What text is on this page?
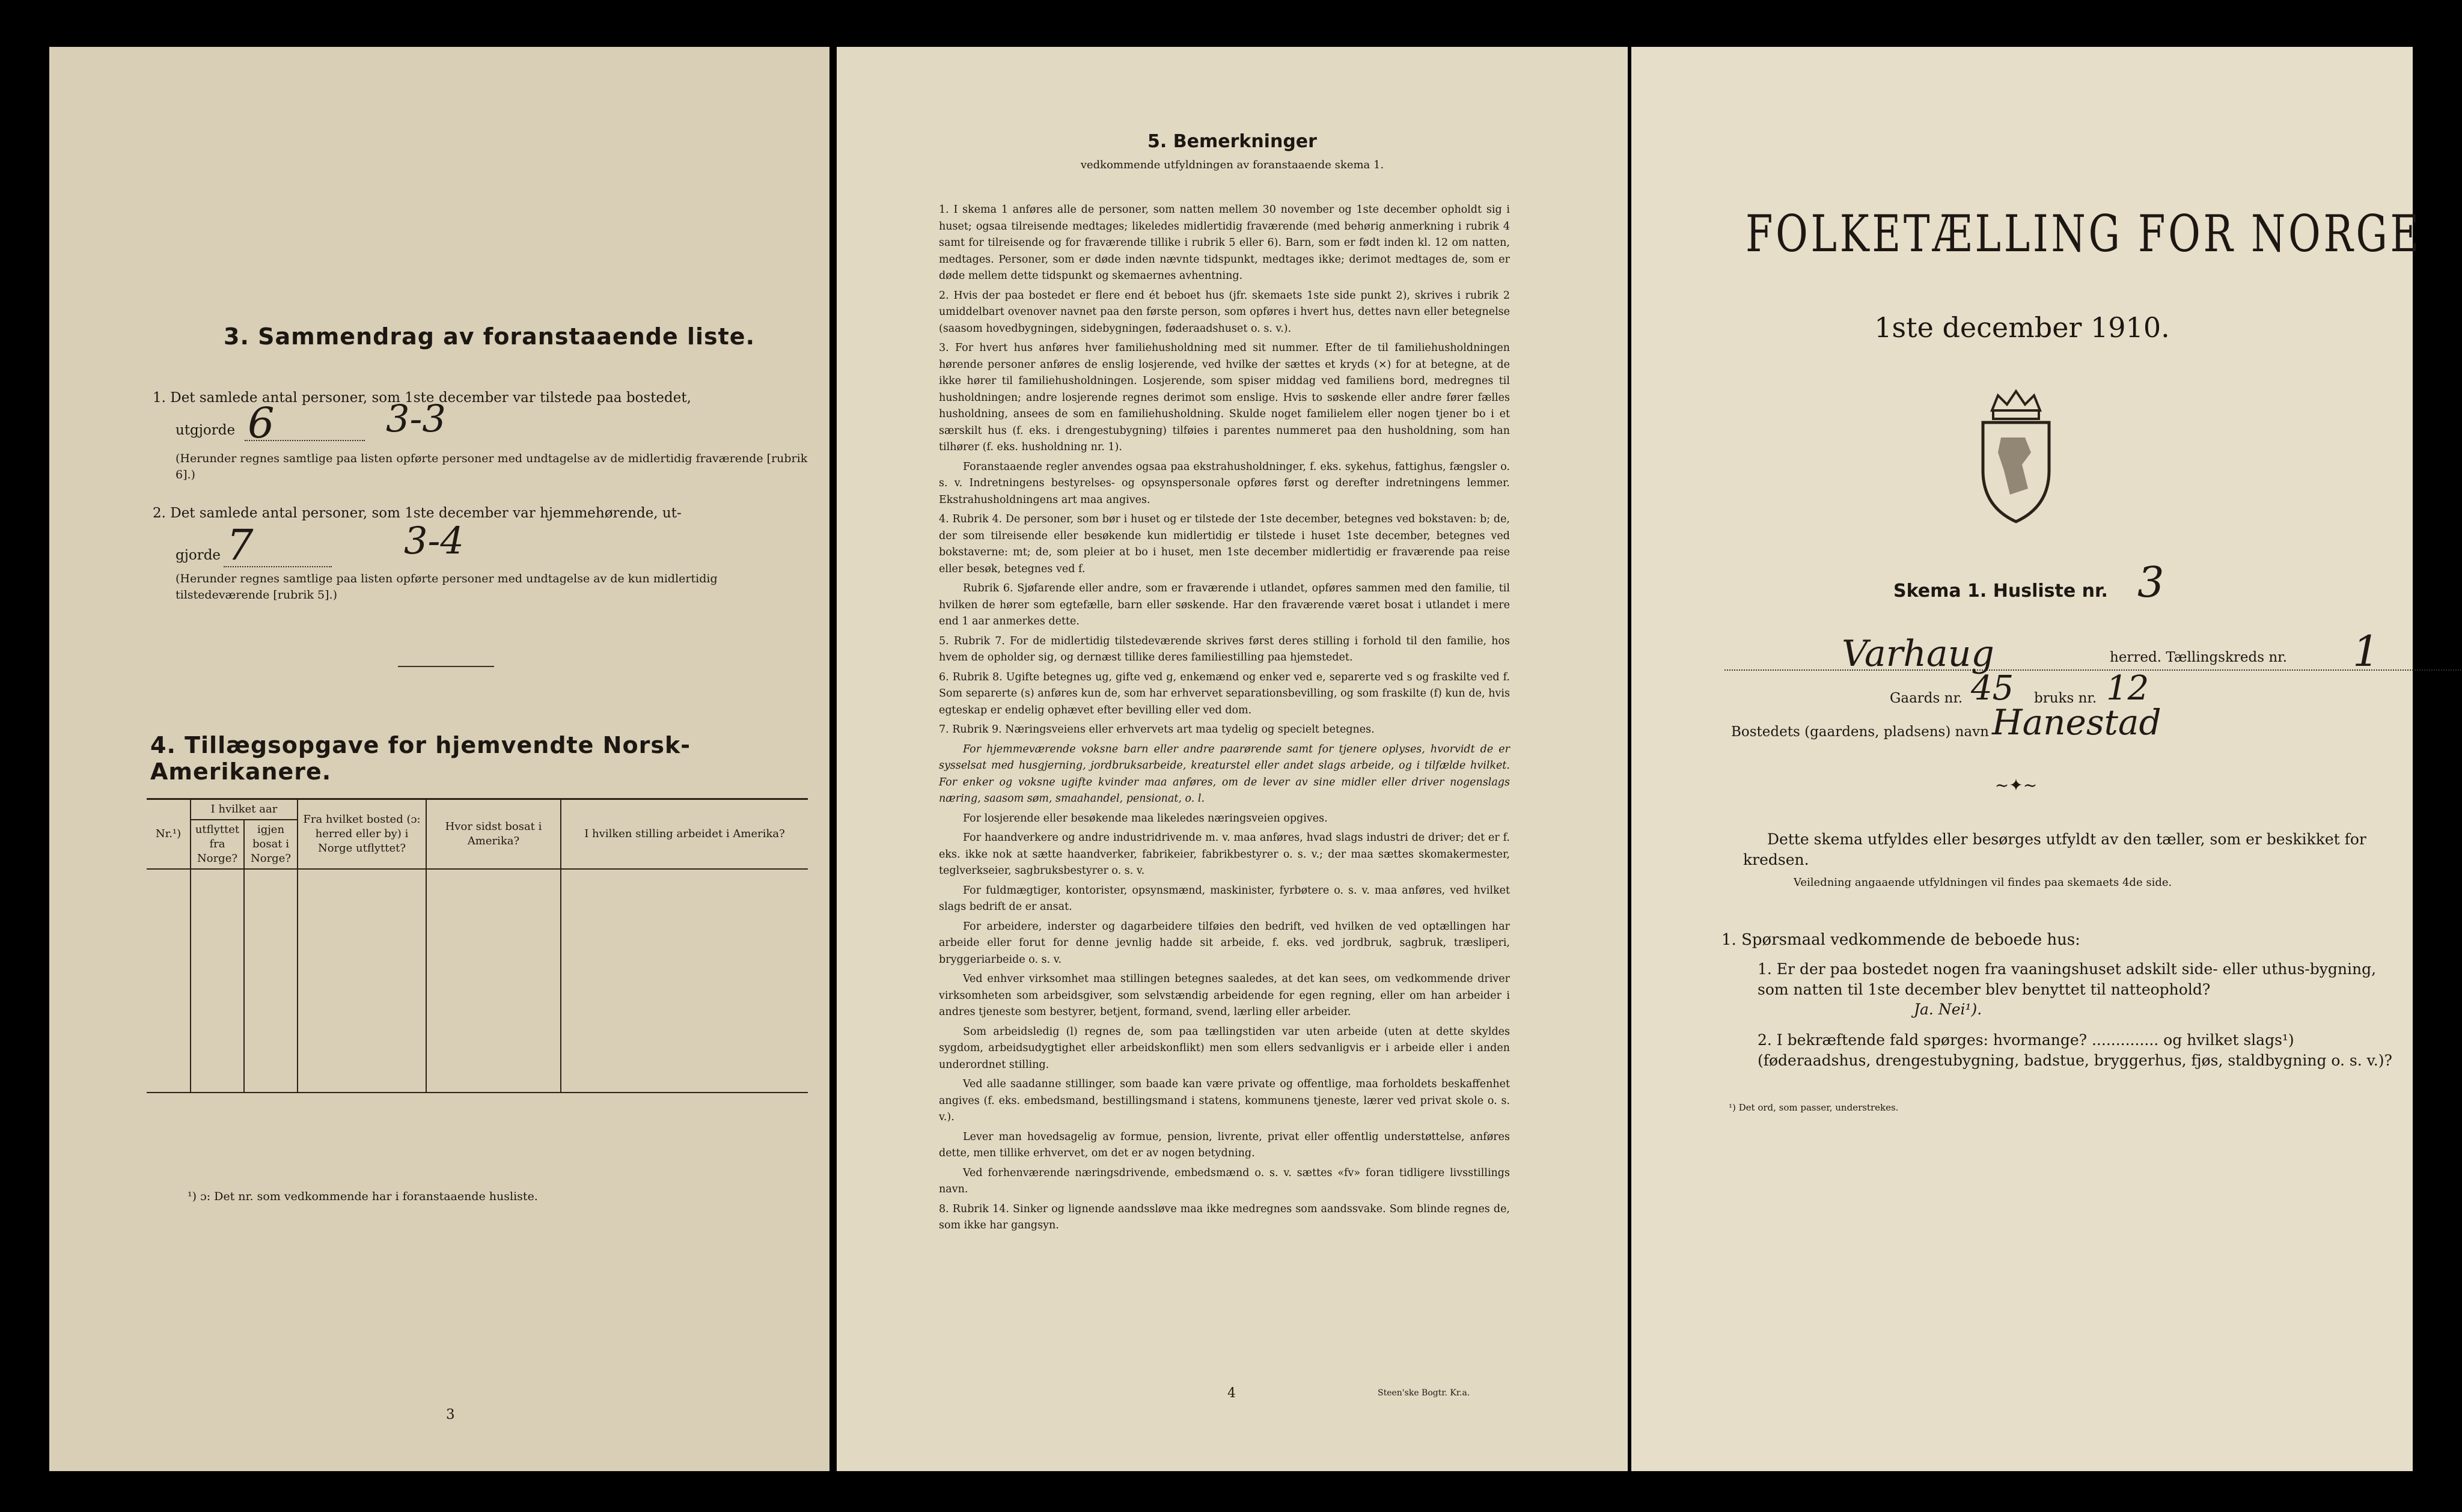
3. Sammendrag av foranstaaende liste.
1. Det samlede antal personer, som 1ste december var tilstede paa bostedet,
utgjorde 6	3-3
(Herunder regnes samtlige paa listen opførte personer med undtagelse av de midlertidig fraværende [rubrik 6].)
2. Det samlede antal personer, som 1ste december var hjemmehørende, ut-
gjorde 7	3-4
(Herunder regnes samtlige paa listen opførte personer med undtagelse av de kun midlertidig tilstedeværende [rubrik 5].)
4. Tillægsopgave for hjemvendte Norsk-Amerikanere.
Nr.¹)	I hvilket aar		Fra hvilket bosted (ɔ: herred eller by) i Norge utflyttet?	Hvor sidst bosat i Amerika?	I hvilken stilling arbeidet i Amerika?
	utflyttet fra Norge?	igjen bosat i Norge?			

¹) ɔ: Det nr. som vedkommende har i foranstaaende husliste.
3
5. Bemerkninger
vedkommende utfyldningen av foranstaaende skema 1.

1. I skema 1 anføres alle de personer, som natten mellem 30 november og 1ste december opholdt sig i huset; ogsaa tilreisende medtages; likeledes midlertidig fraværende (med behørig anmerkning i rubrik 4 samt for tilreisende og for fraværende tillike i rubrik 5 eller 6). Barn, som er født inden kl. 12 om natten, medtages. Personer, som er døde inden nævnte tidspunkt, medtages ikke; derimot medtages de, som er døde mellem dette tidspunkt og skemaernes avhentning.

2. Hvis der paa bostedet er flere end ét beboet hus (jfr. skemaets 1ste side punkt 2), skrives i rubrik 2 umiddelbart ovenover navnet paa den første person, som opføres i hvert hus, dettes navn eller betegnelse (saasom hovedbygningen, sidebygningen, føderaadshuset o. s. v.).

3. For hvert hus anføres hver familiehusholdning med sit nummer. Efter de til familiehusholdningen hørende personer anføres de enslig losjerende, ved hvilke der sættes et kryds (×) for at betegne, at de ikke hører til familiehusholdningen. Losjerende, som spiser middag ved familiens bord, medregnes til husholdningen; andre losjerende regnes derimot som enslige. Hvis to søskende eller andre fører fælles husholdning, ansees de som en familiehusholdning. Skulde noget familielem eller nogen tjener bo i et særskilt hus (f. eks. i drengestubygning) tilføies i parentes nummeret paa den husholdning, som han tilhører (f. eks. husholdning nr. 1).

Foranstaaende regler anvendes ogsaa paa ekstrahusholdninger, f. eks. sykehus, fattighus, fængsler o. s. v. Indretningens bestyrelses- og opsynspersonale opføres først og derefter indretningens lemmer. Ekstrahusholdningens art maa angives.

4. Rubrik 4. De personer, som bør i huset og er tilstede der 1ste december, betegnes ved bokstaven: b; de, der som tilreisende eller besøkende kun midlertidig er tilstede i huset 1ste december, betegnes ved bokstaverne: mt; de, som pleier at bo i huset, men 1ste december midlertidig er fraværende paa reise eller besøk, betegnes ved f.

Rubrik 6. Sjøfarende eller andre, som er fraværende i utlandet, opføres sammen med den familie, til hvilken de hører som egtefælle, barn eller søskende. Har den fraværende været bosat i utlandet i mere end 1 aar anmerkes dette.

5. Rubrik 7. For de midlertidig tilstedeværende skrives først deres stilling i forhold til den familie, hos hvem de opholder sig, og dernæst tillike deres familiestilling paa hjemstedet.

6. Rubrik 8. Ugifte betegnes ug, gifte ved g, enkemænd og enker ved e, separerte ved s og fraskilte ved f. Som separerte (s) anføres kun de, som har erhvervet separationsbevilling, og som fraskilte (f) kun de, hvis egteskap er endelig ophævet efter bevilling eller ved dom.

7. Rubrik 9. Næringsveiens eller erhvervets art maa tydelig og specielt betegnes.

For hjemmeværende voksne barn eller andre paarørende samt for tjenere oplyses, hvorvidt de er sysselsat med husgjerning, jordbruksarbeide, kreaturstel eller andet slags arbeide, og i tilfælde hvilket. For enker og voksne ugifte kvinder maa anføres, om de lever av sine midler eller driver nogenslags næring, saasom søm, smaahandel, pensionat, o. l.

For losjerende eller besøkende maa likeledes næringsveien opgives.

For haandverkere og andre industridrivende m. v. maa anføres, hvad slags industri de driver; det er f. eks. ikke nok at sætte haandverker, fabrikeier, fabrikbestyrer o. s. v.; der maa sættes skomakermester, teglverkseier, sagbruksbestyrer o. s. v.

For fuldmægtiger, kontorister, opsynsmænd, maskinister, fyrbøtere o. s. v. maa anføres, ved hvilket slags bedrift de er ansat.

For arbeidere, inderster og dagarbeidere tilføies den bedrift, ved hvilken de ved optællingen har arbeide eller forut for denne jevnlig hadde sit arbeide, f. eks. ved jordbruk, sagbruk, træsliperi, bryggeriarbeide o. s. v.

Ved enhver virksomhet maa stillingen betegnes saaledes, at det kan sees, om vedkommende driver virksomheten som arbeidsgiver, som selvstændig arbeidende for egen regning, eller om han arbeider i andres tjeneste som bestyrer, betjent, formand, svend, lærling eller arbeider.

Som arbeidsledig (l) regnes de, som paa tællingstiden var uten arbeide (uten at dette skyldes sygdom, arbeidsudygtighet eller arbeidskonflikt) men som ellers sedvanligvis er i arbeide eller i anden underordnet stilling.

Ved alle saadanne stillinger, som baade kan være private og offentlige, maa forholdets beskaffenhet angives (f. eks. embedsmand, bestillingsmand i statens, kommunens tjeneste, lærer ved privat skole o. s. v.).

Lever man hovedsagelig av formue, pension, livrente, privat eller offentlig understøttelse, anføres dette, men tillike erhvervet, om det er av nogen betydning.

Ved forhenværende næringsdrivende, embedsmænd o. s. v. sættes «fv» foran tidligere livsstillings navn.

8. Rubrik 14. Sinker og lignende aandssløve maa ikke medregnes som aandssvake. Som blinde regnes de, som ikke har gangsyn.

4	Steen'ske Bogtr. Kr.a.
FOLKETÆLLING FOR NORGE
1ste december 1910.
Skema 1. Husliste nr. 3
Varhaug	herred. Tællingskreds nr. 1
Gaards nr. 45 bruks nr. 12
Bostedets (gaardens, pladsens) navn Hanestad
~✦~
Dette skema utfyldes eller besørges utfyldt av den tæller, som er beskikket for kredsen.
Veiledning angaaende utfyldningen vil findes paa skemaets 4de side.
1. Spørsmaal vedkommende de beboede hus:
1. Er der paa bostedet nogen fra vaaningshuset adskilt side- eller uthus-bygning, som natten til 1ste december blev benyttet til natteophold?
Ja. Nei¹).
2. I bekræftende fald spørges: hvormange? .............. og hvilket slags¹) (føderaadshus, drengestubygning, badstue, bryggerhus, fjøs, staldbygning o. s. v.)?
¹) Det ord, som passer, understrekes.
